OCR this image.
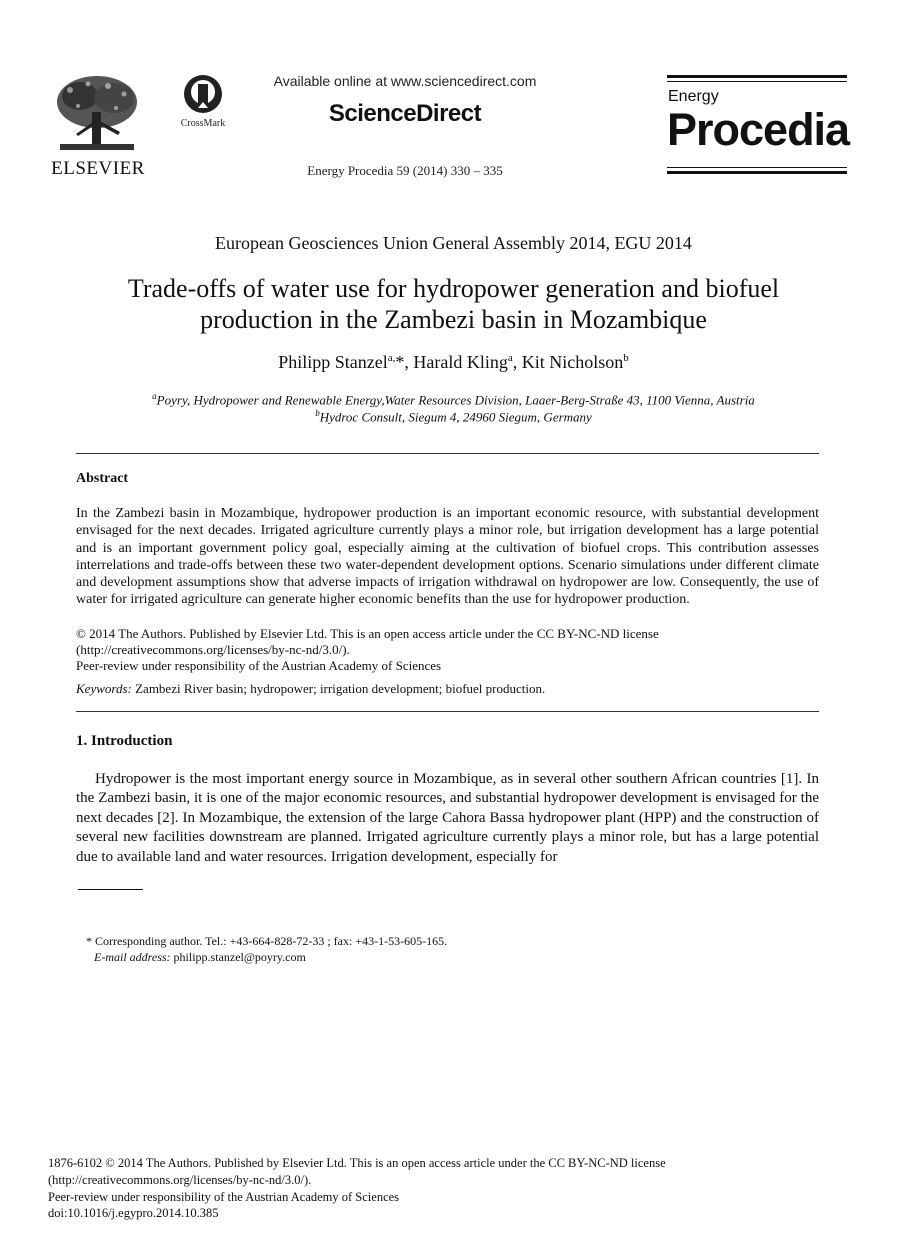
ELSEVIER
CrossMark
Available online at www.sciencedirect.com
ScienceDirect
Energy Procedia 59 (2014) 330 – 335
Energy
Procedia
European Geosciences Union General Assembly 2014, EGU 2014
Trade-offs of water use for hydropower generation and biofuel
production in the Zambezi basin in Mozambique
Philipp Stanzel$^{a,}$*, Harald Kling$^a$, Kit Nicholson$^b$
$^a$Poyry, Hydropower and Renewable Energy,Water Resources Division, Laaer-Berg-Straße 43, 1100 Vienna, Austria
$^b$Hydroc Consult, Siegum 4, 24960 Siegum, Germany
Abstract
In the Zambezi basin in Mozambique, hydropower production is an important economic resource, with substantial development envisaged for the next decades. Irrigated agriculture currently plays a minor role, but irrigation development has a large potential and is an important government policy goal, especially aiming at the cultivation of biofuel crops. This contribution assesses interrelations and trade-offs between these two water-dependent development options. Scenario simulations under different climate and development assumptions show that adverse impacts of irrigation withdrawal on hydropower are low. Consequently, the use of water for irrigated agriculture can generate higher economic benefits than the use for hydropower production.
© 2014 The Authors. Published by Elsevier Ltd. This is an open access article under the CC BY-NC-ND license
(http://creativecommons.org/licenses/by-nc-nd/3.0/).
Peer-review under responsibility of the Austrian Academy of Sciences
Keywords: Zambezi River basin; hydropower; irrigation development; biofuel production.
1. Introduction
Hydropower is the most important energy source in Mozambique, as in several other southern African countries [1]. In the Zambezi basin, it is one of the major economic resources, and substantial hydropower development is envisaged for the next decades [2]. In Mozambique, the extension of the large Cahora Bassa hydropower plant (HPP) and the construction of several new facilities downstream are planned. Irrigated agriculture currently plays a minor role, but has a large potential due to available land and water resources. Irrigation development, especially for
* Corresponding author. Tel.: +43-664-828-72-33 ; fax: +43-1-53-605-165.
E-mail address: philipp.stanzel@poyry.com
1876-6102 © 2014 The Authors. Published by Elsevier Ltd. This is an open access article under the CC BY-NC-ND license
(http://creativecommons.org/licenses/by-nc-nd/3.0/).
Peer-review under responsibility of the Austrian Academy of Sciences
doi:10.1016/j.egypro.2014.10.385
